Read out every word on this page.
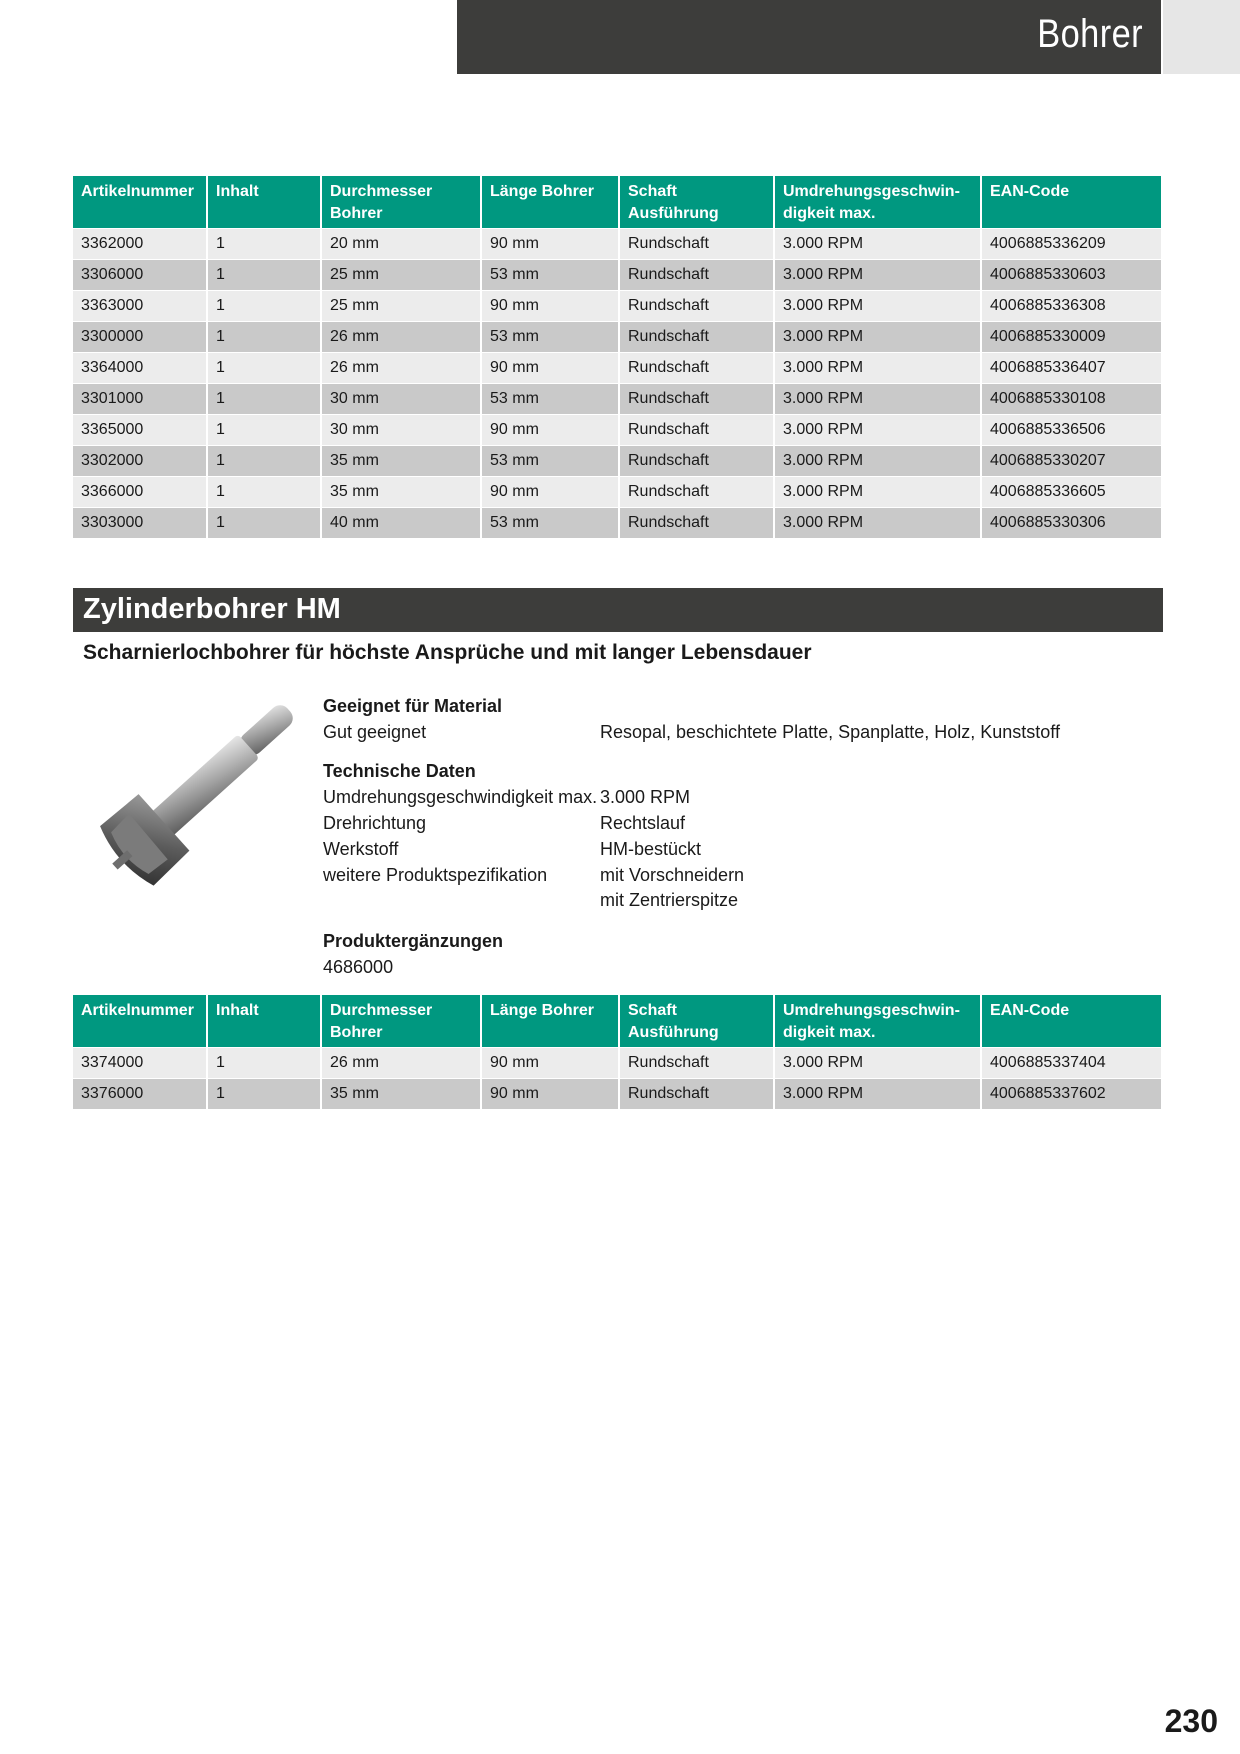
Bohrer
Artikelnummer	Inhalt	Durchmesser Bohrer	Länge Bohrer	Schaft Ausführung	Umdrehungsgeschwin- digkeit max.	EAN-Code
3362000	1	20 mm	90 mm	Rundschaft	3.000 RPM	4006885336209
3306000	1	25 mm	53 mm	Rundschaft	3.000 RPM	4006885330603
3363000	1	25 mm	90 mm	Rundschaft	3.000 RPM	4006885336308
3300000	1	26 mm	53 mm	Rundschaft	3.000 RPM	4006885330009
3364000	1	26 mm	90 mm	Rundschaft	3.000 RPM	4006885336407
3301000	1	30 mm	53 mm	Rundschaft	3.000 RPM	4006885330108
3365000	1	30 mm	90 mm	Rundschaft	3.000 RPM	4006885336506
3302000	1	35 mm	53 mm	Rundschaft	3.000 RPM	4006885330207
3366000	1	35 mm	90 mm	Rundschaft	3.000 RPM	4006885336605
3303000	1	40 mm	53 mm	Rundschaft	3.000 RPM	4006885330306
Zylinderbohrer HM
Scharnierlochbohrer für höchste Ansprüche und mit langer Lebensdauer
Geeignet für Material
Gut geeignet	Resopal, beschichtete Platte, Spanplatte, Holz, Kunststoff
Technische Daten
Umdrehungsgeschwindigkeit max. 3.000 RPM
Drehrichtung	Rechtslauf
Werkstoff	HM-bestückt
weitere Produktspezifikation	mit Vorschneidern
mit Zentrierspitze
Produktergänzungen
4686000
Artikelnummer	Inhalt	Durchmesser Bohrer	Länge Bohrer	Schaft Ausführung	Umdrehungsgeschwin- digkeit max.	EAN-Code
3374000	1	26 mm	90 mm	Rundschaft	3.000 RPM	4006885337404
3376000	1	35 mm	90 mm	Rundschaft	3.000 RPM	4006885337602
230
